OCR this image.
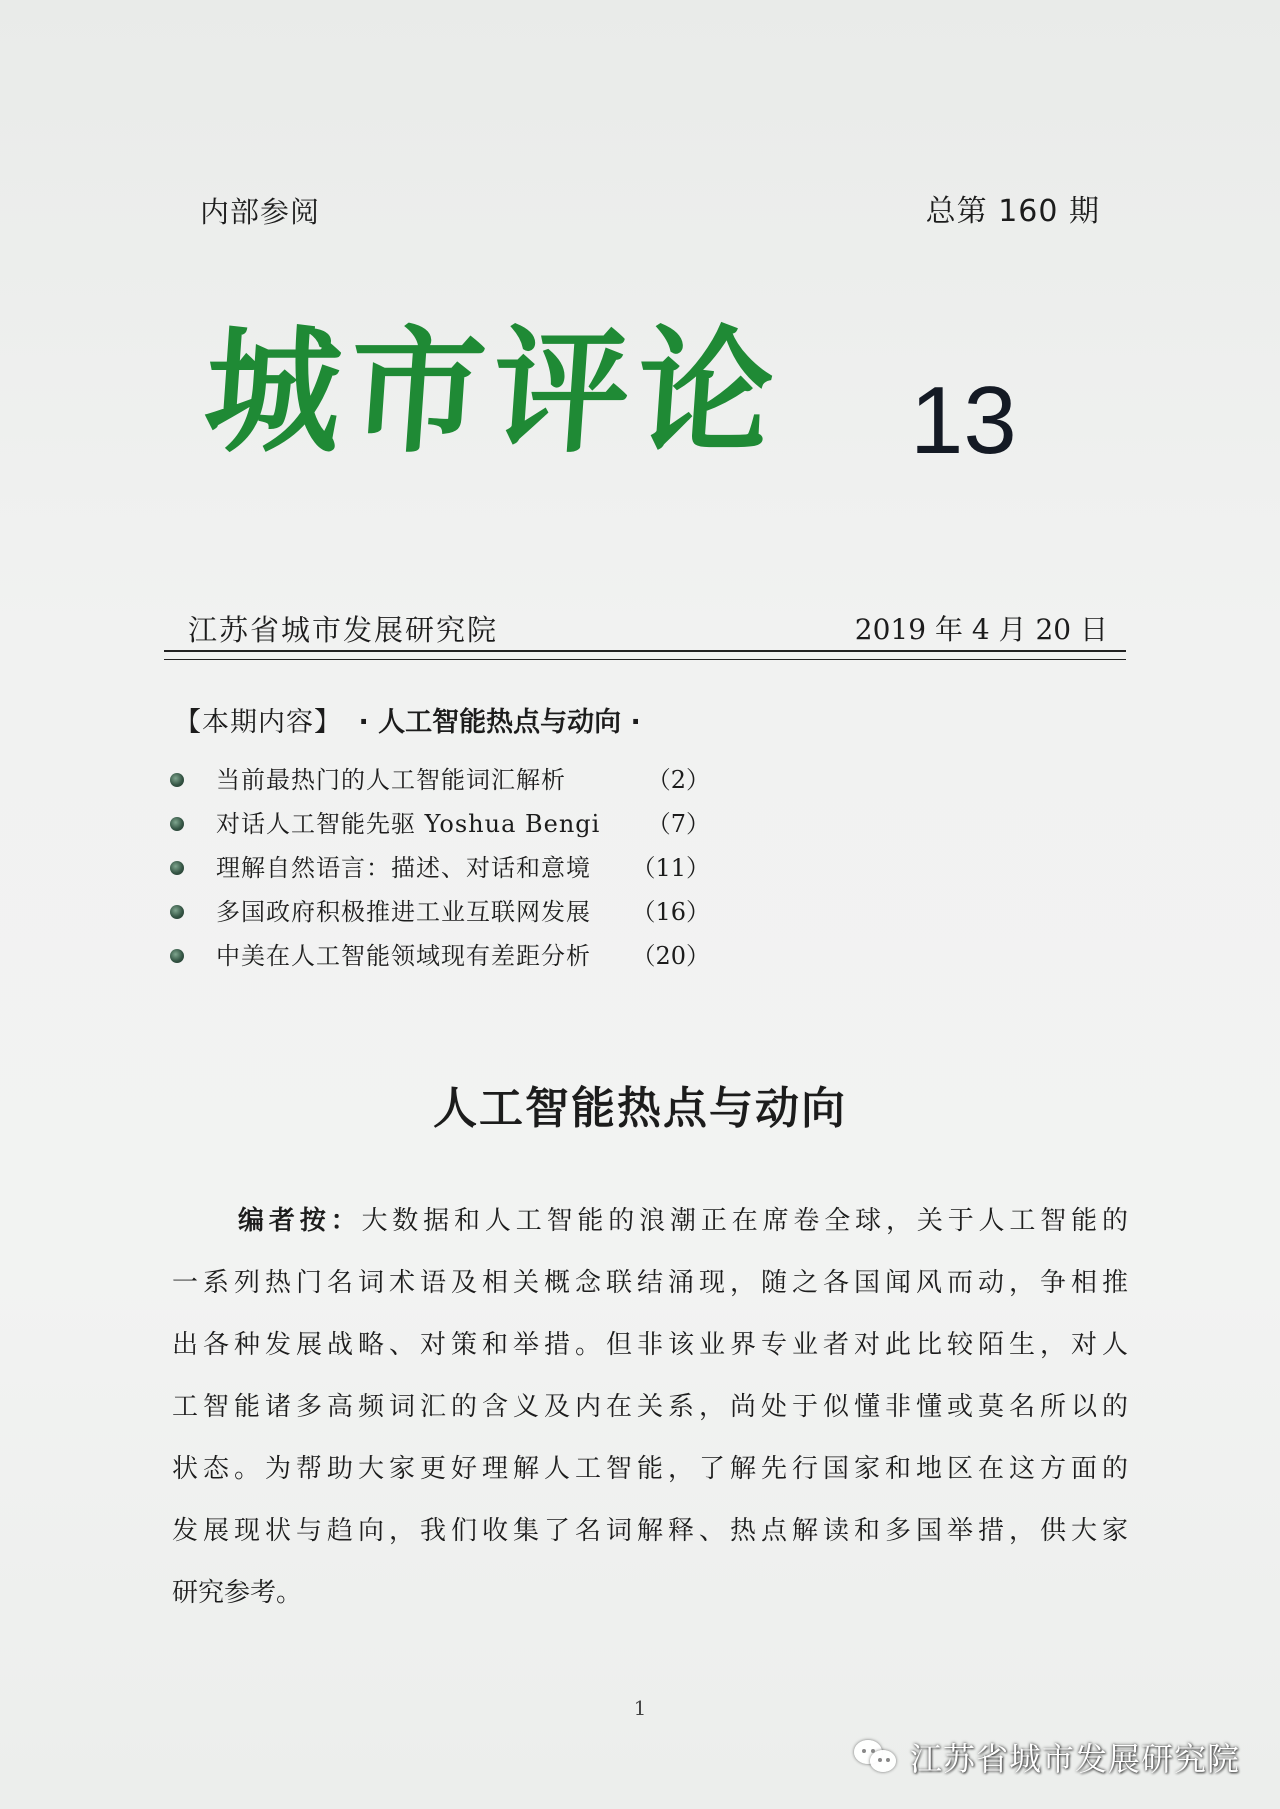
内部参阅	总第 160 期
城市评论 13
江苏省城市发展研究院	2019 年 4 月 20 日
【本期内容】 · 人工智能热点与动向 ·
当前最热门的人工智能词汇解析	（2）
对话人工智能先驱 Yoshua Bengi （7）
理解自然语言：描述、对话和意境 （11）
多国政府积极推进工业互联网发展 （16）
中美在人工智能领域现有差距分析 （20）
人工智能热点与动向
编者按：大数据和人工智能的浪潮正在席卷全球，关于人工智能的
一系列热门名词术语及相关概念联结涌现，随之各国闻风而动，争相推
出各种发展战略、对策和举措。但非该业界专业者对此比较陌生，对人
工智能诸多高频词汇的含义及内在关系，尚处于似懂非懂或莫名所以的
状态。为帮助大家更好理解人工智能，了解先行国家和地区在这方面的
发展现状与趋向，我们收集了名词解释、热点解读和多国举措，供大家
研究参考。
1
江苏省城市发展研究院
